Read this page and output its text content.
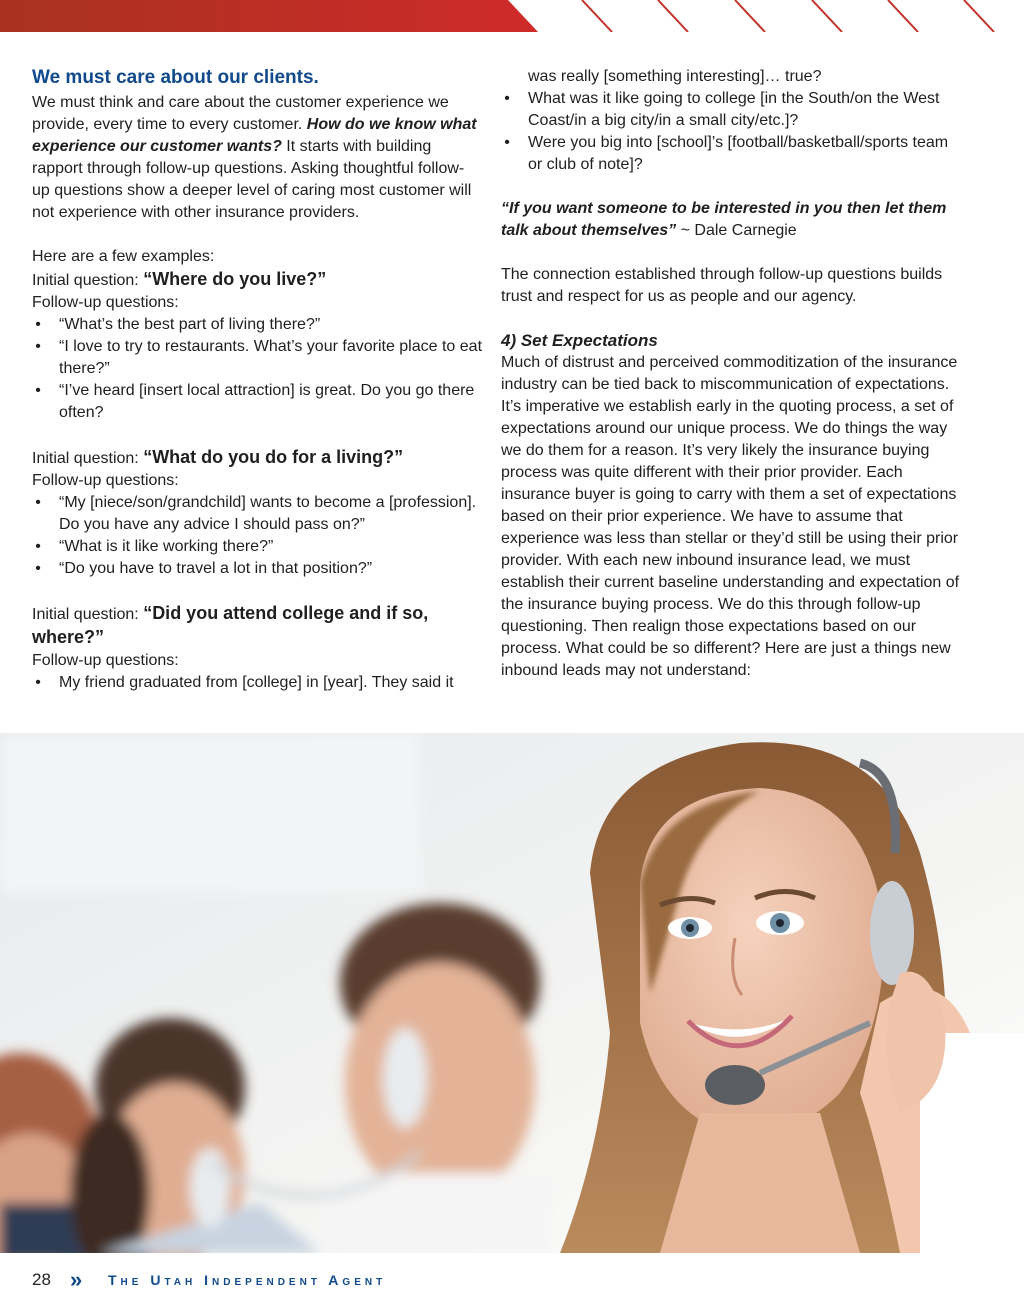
We must care about our clients.

We must think and care about the customer experience we provide, every time to every customer. How do we know what experience our customer wants? It starts with building rapport through follow-up questions. Asking thoughtful follow-up questions show a deeper level of caring most customer will not experience with other insurance providers.

Here are a few examples:

Initial question: “Where do you live?”

Follow-up questions:

• “What’s the best part of living there?”
• “I love to try to restaurants. What’s your favorite place to eat there?”
• “I’ve heard [insert local attraction] is great. Do you go there often?

Initial question: “What do you do for a living?”

Follow-up questions:

• “My [niece/son/grandchild] wants to become a [profession]. Do you have any advice I should pass on?”
• “What is it like working there?”
• “Do you have to travel a lot in that position?”

Initial question: “Did you attend college and if so, where?”

Follow-up questions:

• My friend graduated from [college] in [year]. They said it

was really [something interesting]… true?

• What was it like going to college [in the South/on the West Coast/in a big city/in a small city/etc.]?
• Were you big into [school]’s [football/basketball/sports team or club of note]?

“If you want someone to be interested in you then let them talk about themselves” ~ Dale Carnegie

The connection established through follow-up questions builds trust and respect for us as people and our agency.

4) Set Expectations

Much of distrust and perceived commoditization of the insurance industry can be tied back to miscommunication of expectations. It’s imperative we establish early in the quoting process, a set of expectations around our unique process. We do things the way we do them for a reason. It’s very likely the insurance buying process was quite different with their prior provider. Each insurance buyer is going to carry with them a set of expectations based on their prior experience. We have to assume that experience was less than stellar or they’d still be using their prior provider. With each new inbound insurance lead, we must establish their current baseline understanding and expectation of the insurance buying process. We do this through follow-up questioning. Then realign those expectations based on our process. What could be so different? Here are just a things new inbound leads may not understand:

28 » The Utah Independent Agent
